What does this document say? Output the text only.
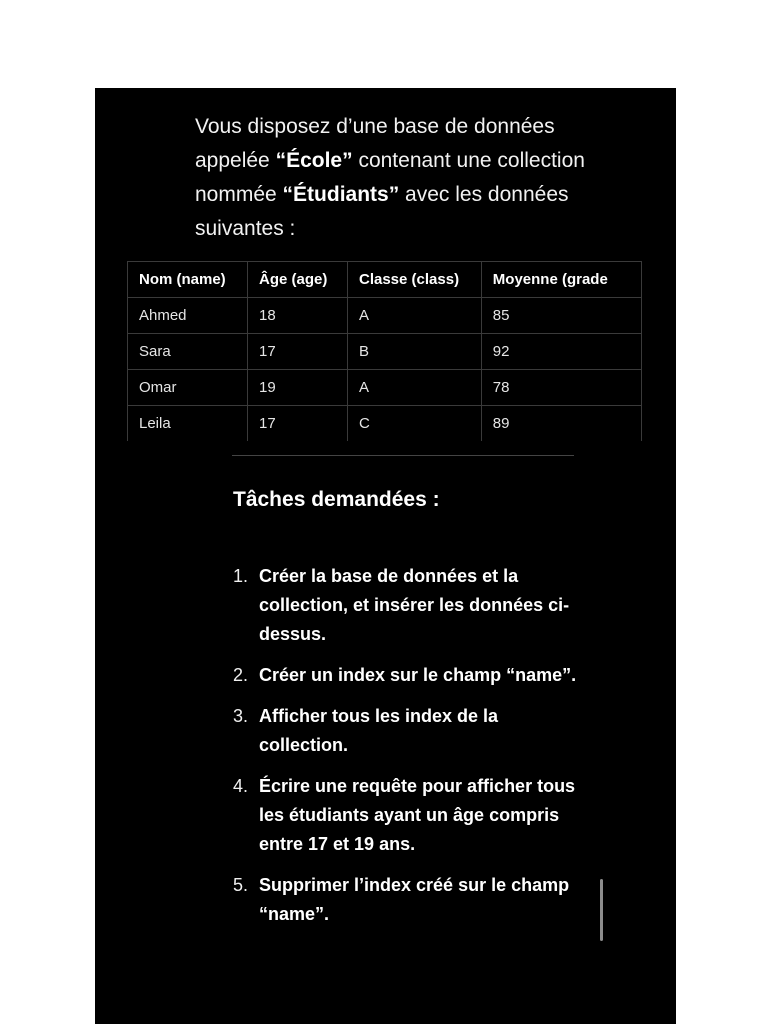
Vous disposez d’une base de données appelée “École” contenant une collection nommée “Étudiants” avec les données suivantes :

Nom (name)	Âge (age)	Classe (class)	Moyenne (grade
Ahmed	18	A	85
Sara	17	B	92
Omar	19	A	78
Leila	17	C	89
Tâches demandées :
1. Créer la base de données et la collection, et insérer les données ci-dessus.
2. Créer un index sur le champ “name”.
3. Afficher tous les index de la collection.
4. Écrire une requête pour afficher tous les étudiants ayant un âge compris entre 17 et 19 ans.
5. Supprimer l’index créé sur le champ “name”.
